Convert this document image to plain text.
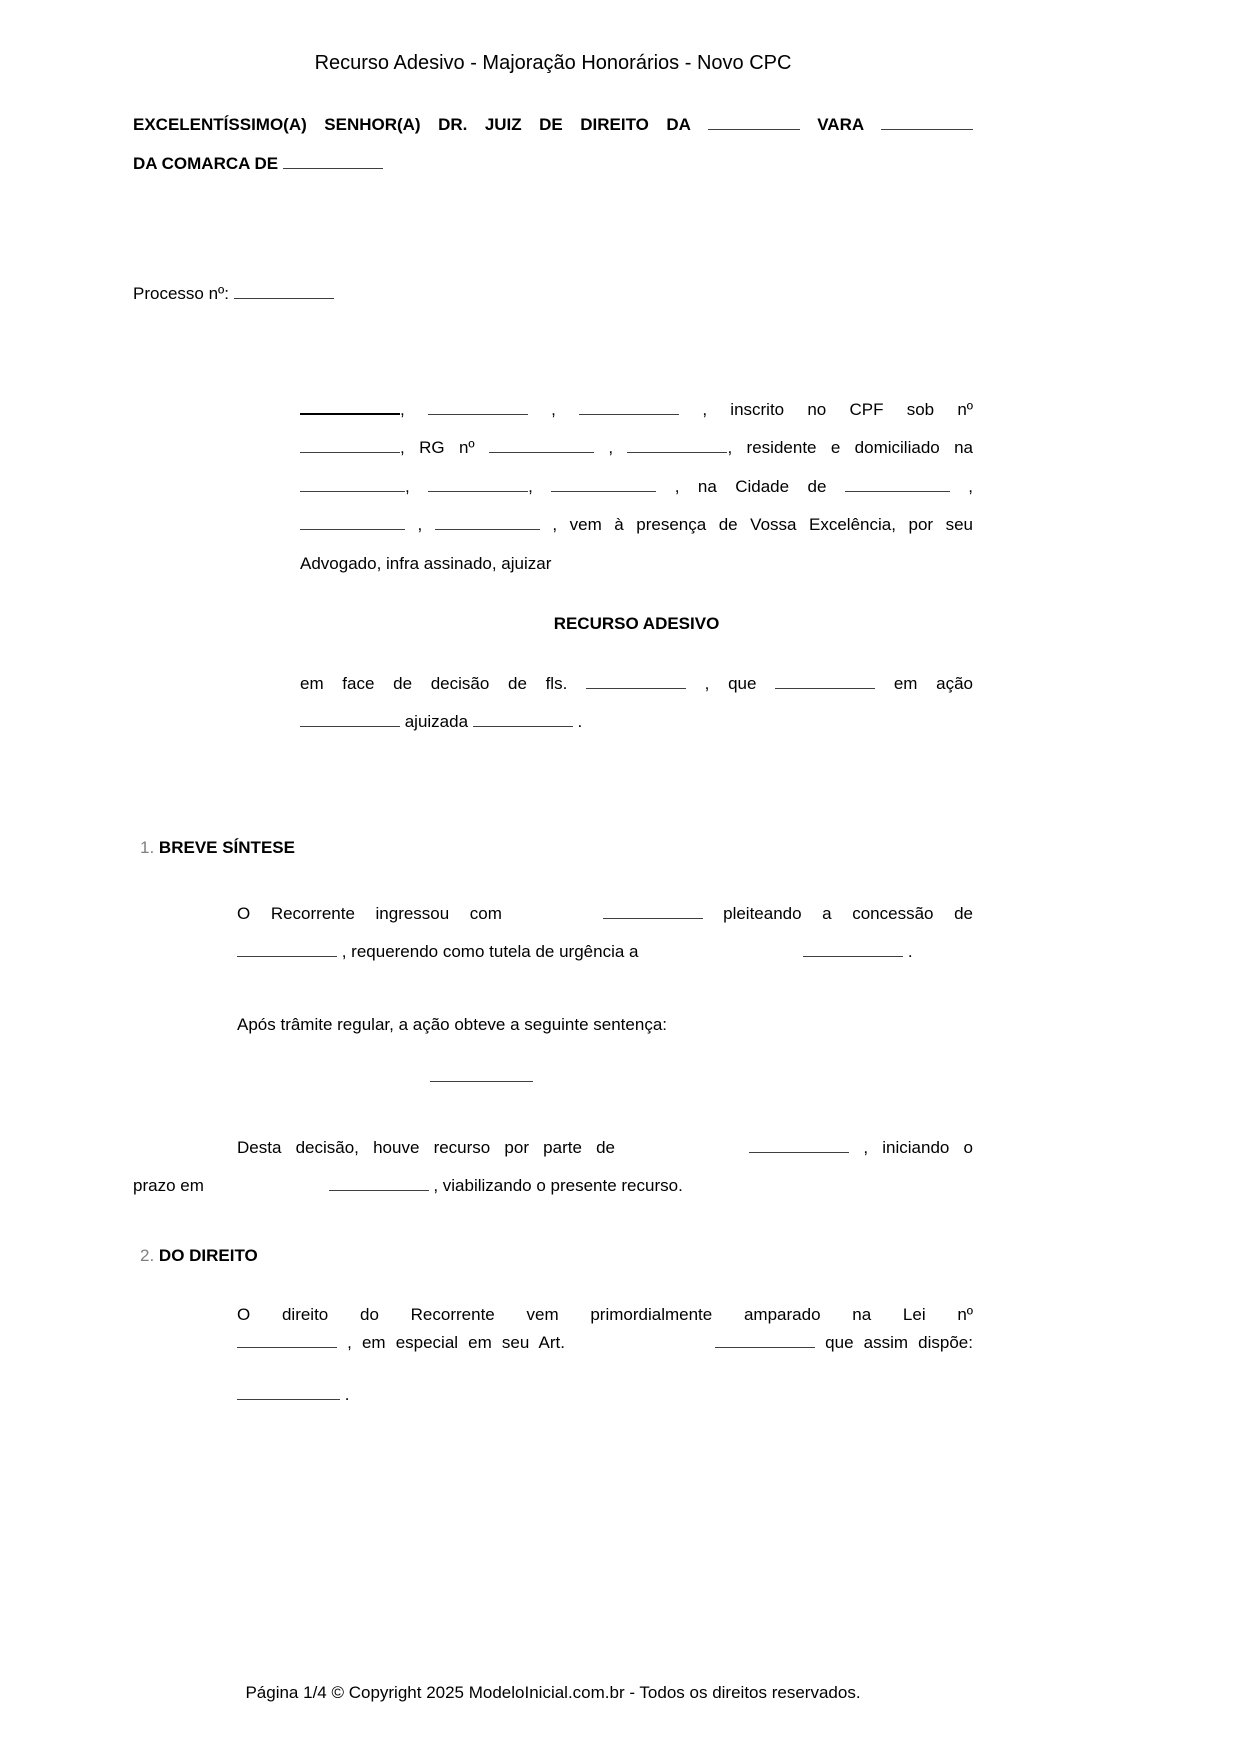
Recurso Adesivo - Majoração Honorários - Novo CPC
EXCELENTÍSSIMO(A) SENHOR(A) DR. JUIZ DE DIREITO DA	VARA
DA COMARCA DE
Processo nº:
,	,	, inscrito no CPF sob nº
, RG nº	,	, residente e domiciliado na
,	,	, na Cidade de	,
,	, vem à presença de Vossa Excelência, por seu
Advogado, infra assinado, ajuizar
RECURSO ADESIVO
em face de decisão de fls.	, que	em ação
ajuizada	.
1. BREVE SÍNTESE
O Recorrente ingressou com	pleiteando a concessão de
, requerendo como tutela de urgência a	.
Após trâmite regular, a ação obteve a seguinte sentença:
Desta decisão, houve recurso por parte de	, iniciando o
prazo em	, viabilizando o presente recurso.
2. DO DIREITO
O direito do Recorrente vem primordialmente amparado na Lei nº
, em especial em seu Art.	que assim dispõe:
.
Página 1/4 © Copyright 2025 ModeloInicial.com.br - Todos os direitos reservados.
